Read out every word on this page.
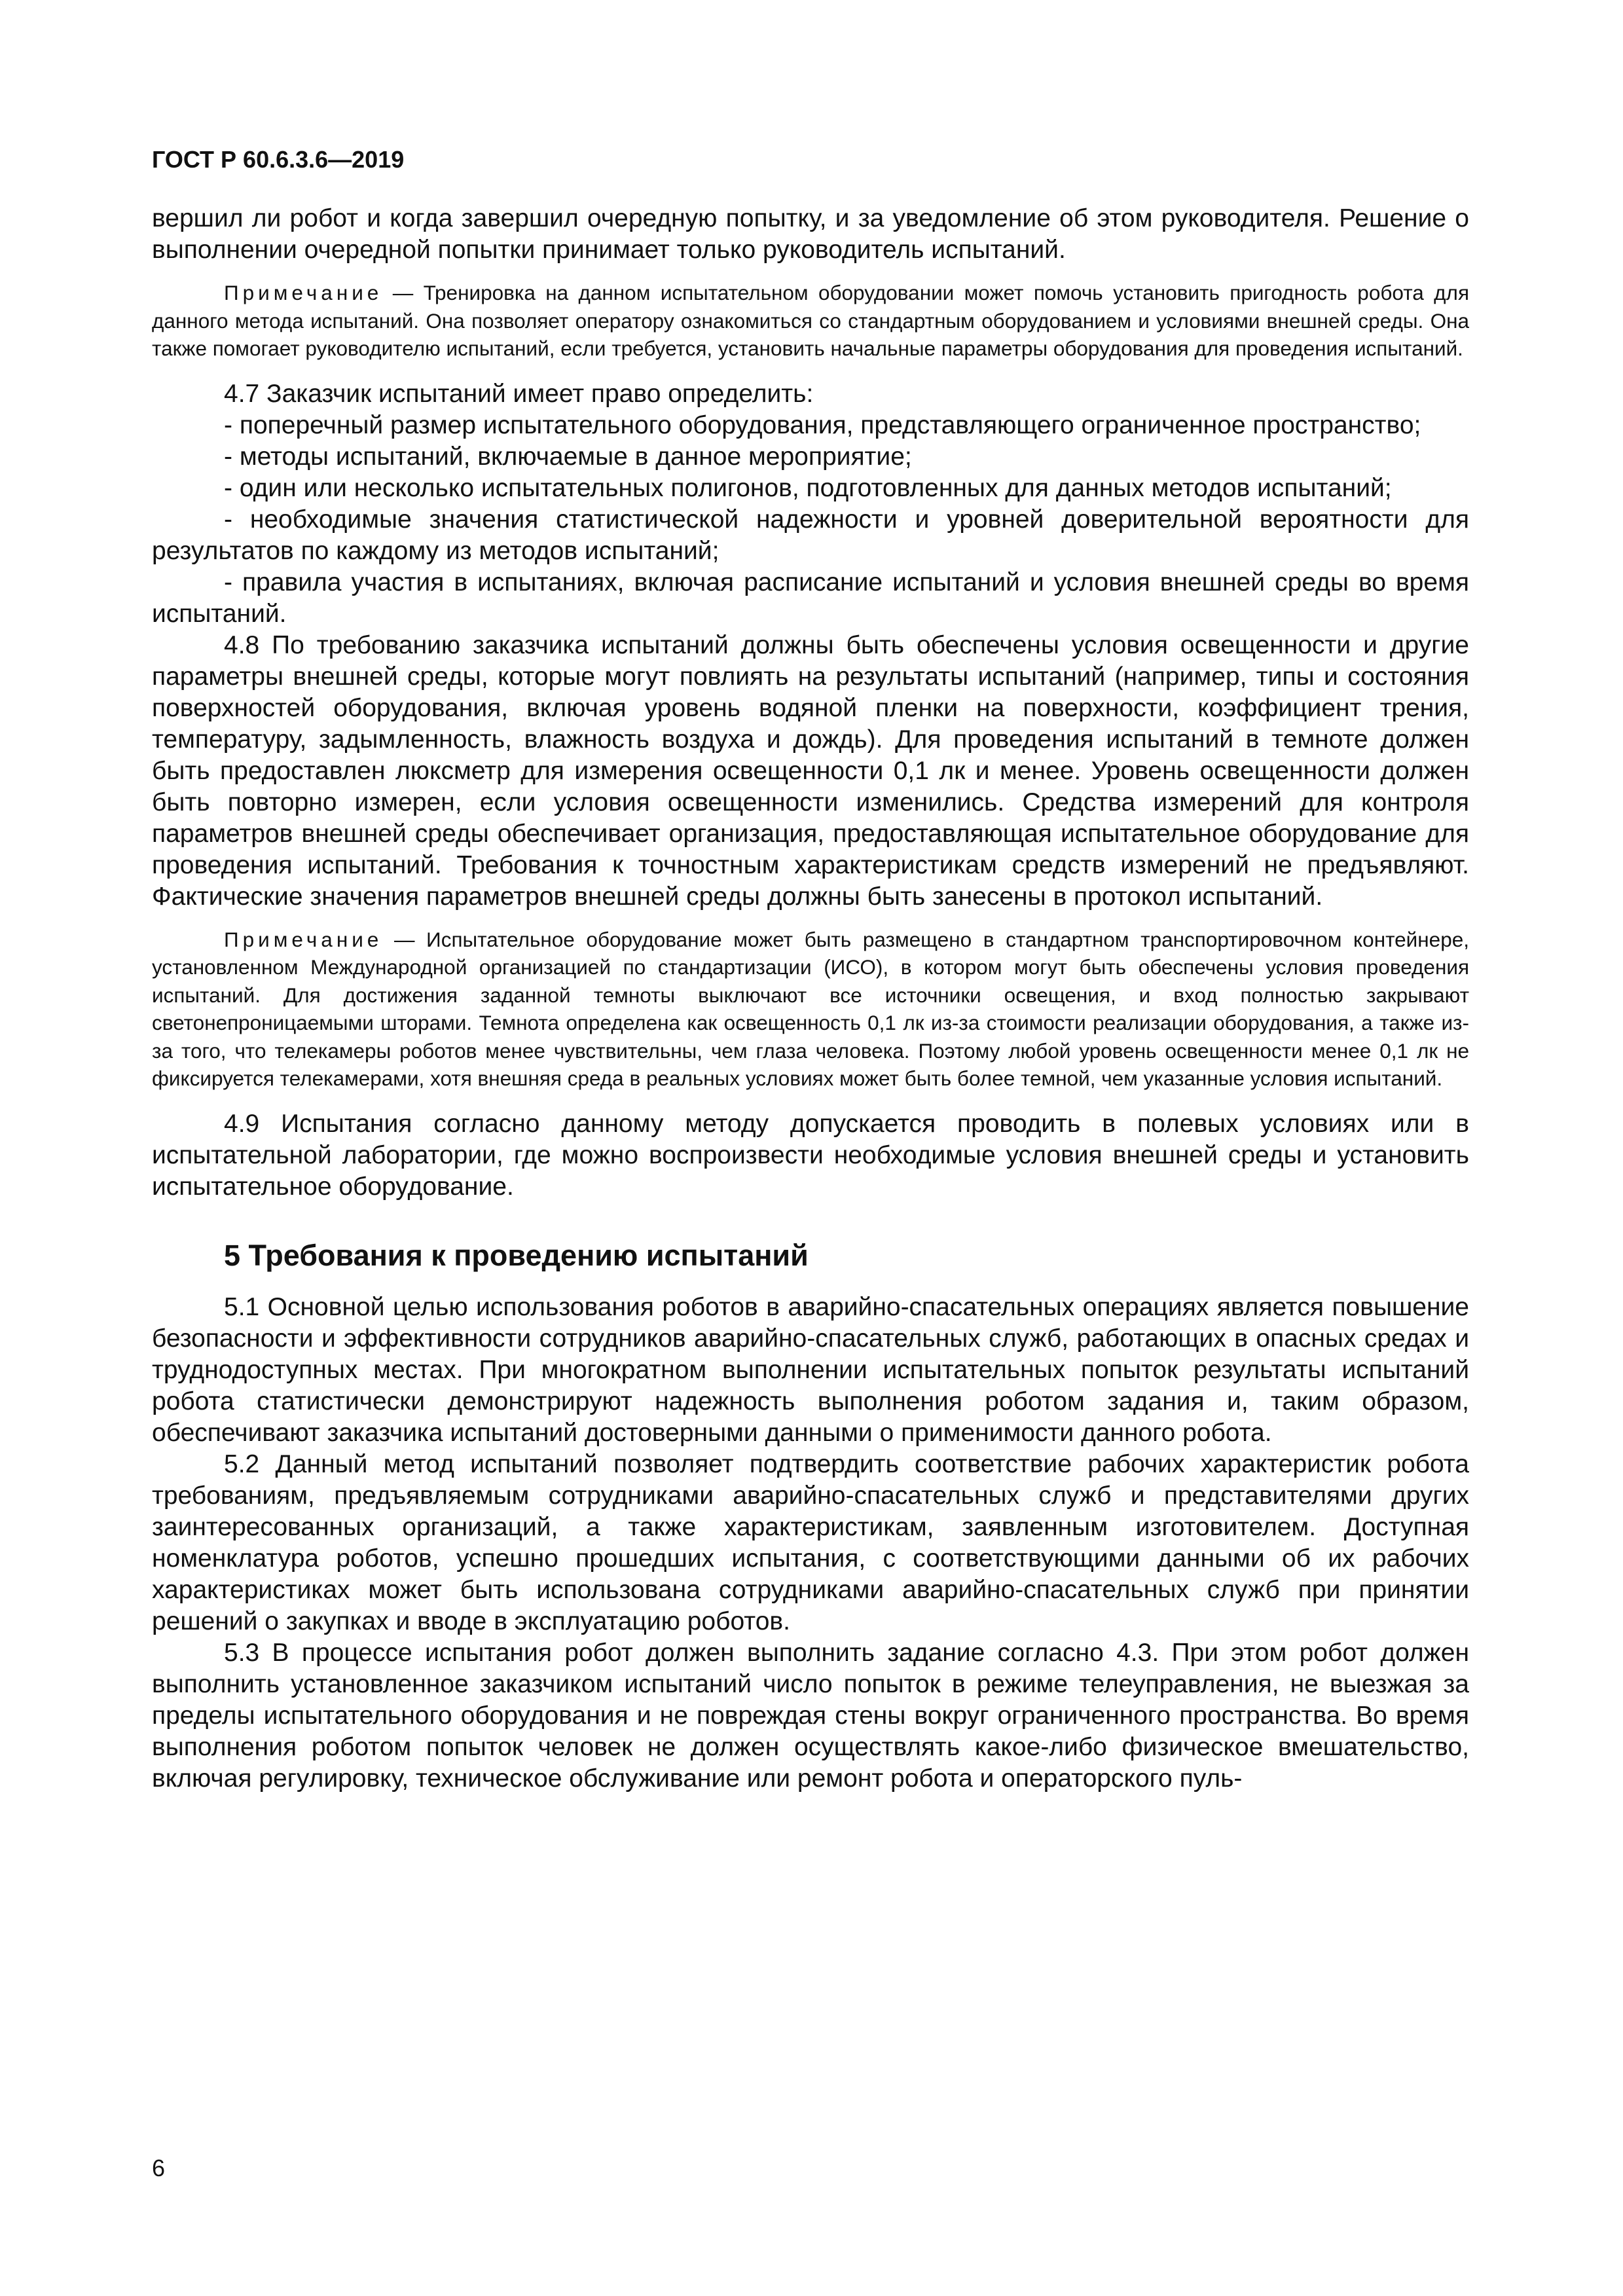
ГОСТ Р 60.6.3.6—2019

вершил ли робот и когда завершил очередную попытку, и за уведомление об этом руководителя. Решение о выполнении очередной попытки принимает только руководитель испытаний.

Примечание — Тренировка на данном испытательном оборудовании может помочь установить пригодность робота для данного метода испытаний. Она позволяет оператору ознакомиться со стандартным оборудованием и условиями внешней среды. Она также помогает руководителю испытаний, если требуется, установить начальные параметры оборудования для проведения испытаний.

4.7 Заказчик испытаний имеет право определить:

- поперечный размер испытательного оборудования, представляющего ограниченное пространство;

- методы испытаний, включаемые в данное мероприятие;

- один или несколько испытательных полигонов, подготовленных для данных методов испытаний;

- необходимые значения статистической надежности и уровней доверительной вероятности для результатов по каждому из методов испытаний;

- правила участия в испытаниях, включая расписание испытаний и условия внешней среды во время испытаний.

4.8 По требованию заказчика испытаний должны быть обеспечены условия освещенности и другие параметры внешней среды, которые могут повлиять на результаты испытаний (например, типы и состояния поверхностей оборудования, включая уровень водяной пленки на поверхности, коэффициент трения, температуру, задымленность, влажность воздуха и дождь). Для проведения испытаний в темноте должен быть предоставлен люксметр для измерения освещенности 0,1 лк и менее. Уровень освещенности должен быть повторно измерен, если условия освещенности изменились. Средства измерений для контроля параметров внешней среды обеспечивает организация, предоставляющая испытательное оборудование для проведения испытаний. Требования к точностным характеристикам средств измерений не предъявляют. Фактические значения параметров внешней среды должны быть занесены в протокол испытаний.

Примечание — Испытательное оборудование может быть размещено в стандартном транспортировочном контейнере, установленном Международной организацией по стандартизации (ИСО), в котором могут быть обеспечены условия проведения испытаний. Для достижения заданной темноты выключают все источники освещения, и вход полностью закрывают светонепроницаемыми шторами. Темнота определена как освещенность 0,1 лк из-за стоимости реализации оборудования, а также из-за того, что телекамеры роботов менее чувствительны, чем глаза человека. Поэтому любой уровень освещенности менее 0,1 лк не фиксируется телекамерами, хотя внешняя среда в реальных условиях может быть более темной, чем указанные условия испытаний.

4.9 Испытания согласно данному методу допускается проводить в полевых условиях или в испытательной лаборатории, где можно воспроизвести необходимые условия внешней среды и установить испытательное оборудование.

5 Требования к проведению испытаний

5.1 Основной целью использования роботов в аварийно-спасательных операциях является повышение безопасности и эффективности сотрудников аварийно-спасательных служб, работающих в опасных средах и труднодоступных местах. При многократном выполнении испытательных попыток результаты испытаний робота статистически демонстрируют надежность выполнения роботом задания и, таким образом, обеспечивают заказчика испытаний достоверными данными о применимости данного робота.

5.2 Данный метод испытаний позволяет подтвердить соответствие рабочих характеристик робота требованиям, предъявляемым сотрудниками аварийно-спасательных служб и представителями других заинтересованных организаций, а также характеристикам, заявленным изготовителем. Доступная номенклатура роботов, успешно прошедших испытания, с соответствующими данными об их рабочих характеристиках может быть использована сотрудниками аварийно-спасательных служб при принятии решений о закупках и вводе в эксплуатацию роботов.

5.3 В процессе испытания робот должен выполнить задание согласно 4.3. При этом робот должен выполнить установленное заказчиком испытаний число попыток в режиме телеуправления, не выезжая за пределы испытательного оборудования и не повреждая стены вокруг ограниченного пространства. Во время выполнения роботом попыток человек не должен осуществлять какое-либо физическое вмешательство, включая регулировку, техническое обслуживание или ремонт робота и операторского пуль-

6
